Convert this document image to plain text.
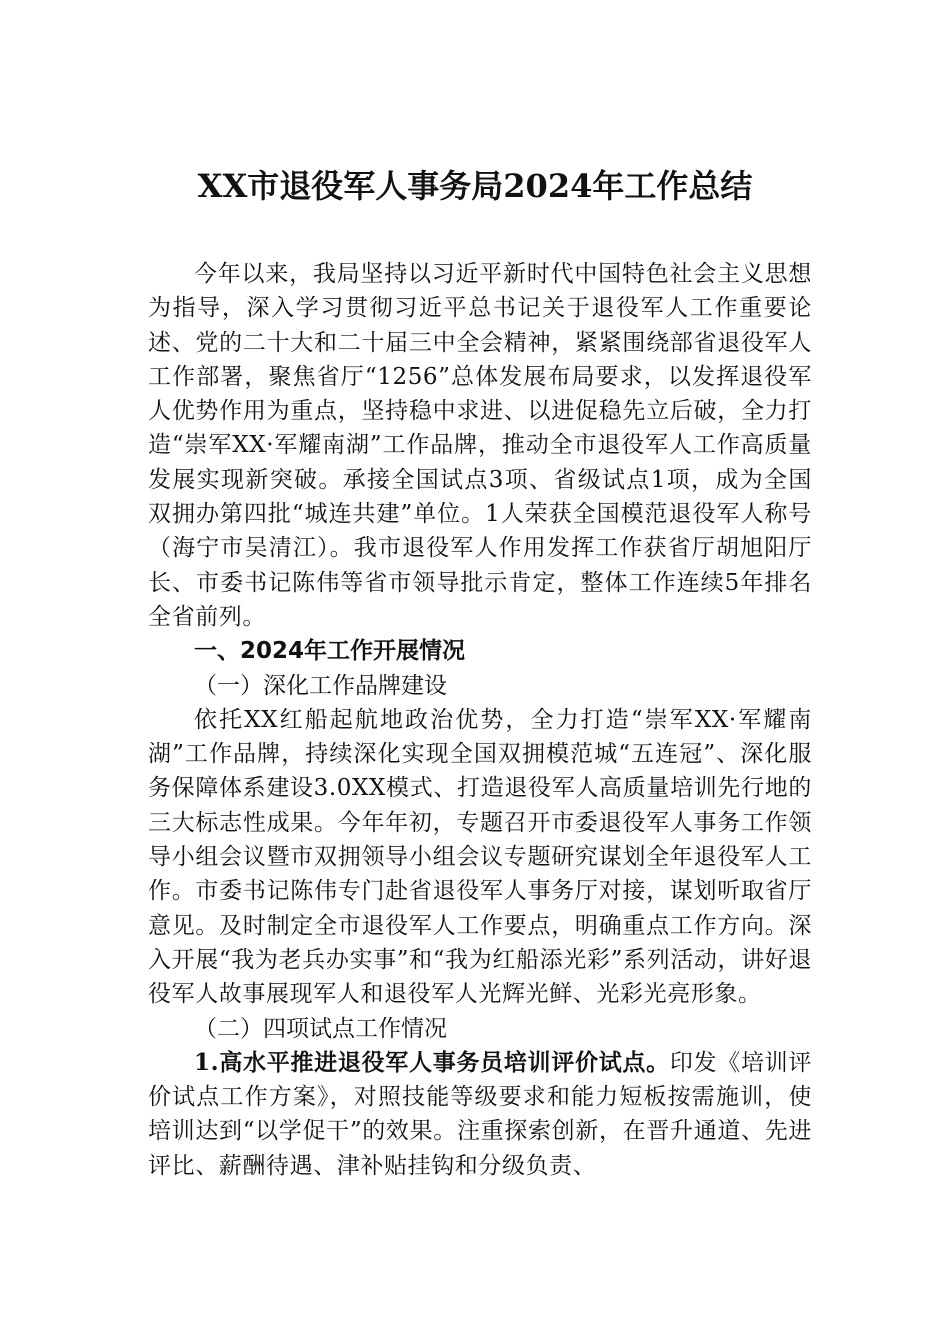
XX市退役军人事务局2024年工作总结

今年以来，我局坚持以习近平新时代中国特色社会主义思想为指导，深入学习贯彻习近平总书记关于退役军人工作重要论述、党的二十大和二十届三中全会精神，紧紧围绕部省退役军人工作部署，聚焦省厅“1256”总体发展布局要求，以发挥退役军人优势作用为重点，坚持稳中求进、以进促稳先立后破，全力打造“崇军XX·军耀南湖”工作品牌，推动全市退役军人工作高质量发展实现新突破。承接全国试点3项、省级试点1项，成为全国双拥办第四批“城连共建”单位。1人荣获全国模范退役军人称号（海宁市吴清江）。我市退役军人作用发挥工作获省厅胡旭阳厅长、市委书记陈伟等省市领导批示肯定，整体工作连续5年排名全省前列。

一、2024年工作开展情况

（一）深化工作品牌建设

依托XX红船起航地政治优势，全力打造“崇军XX·军耀南湖”工作品牌，持续深化实现全国双拥模范城“五连冠”、深化服务保障体系建设3.0XX模式、打造退役军人高质量培训先行地的三大标志性成果。今年年初，专题召开市委退役军人事务工作领导小组会议暨市双拥领导小组会议专题研究谋划全年退役军人工作。市委书记陈伟专门赴省退役军人事务厅对接，谋划听取省厅意见。及时制定全市退役军人工作要点，明确重点工作方向。深入开展“我为老兵办实事”和“我为红船添光彩”系列活动，讲好退役军人故事展现军人和退役军人光辉光鲜、光彩光亮形象。

（二）四项试点工作情况

1.高水平推进退役军人事务员培训评价试点。印发《培训评价试点工作方案》，对照技能等级要求和能力短板按需施训，使培训达到“以学促干”的效果。注重探索创新，在晋升通道、先进评比、薪酬待遇、津补贴挂钩和分级负责、
